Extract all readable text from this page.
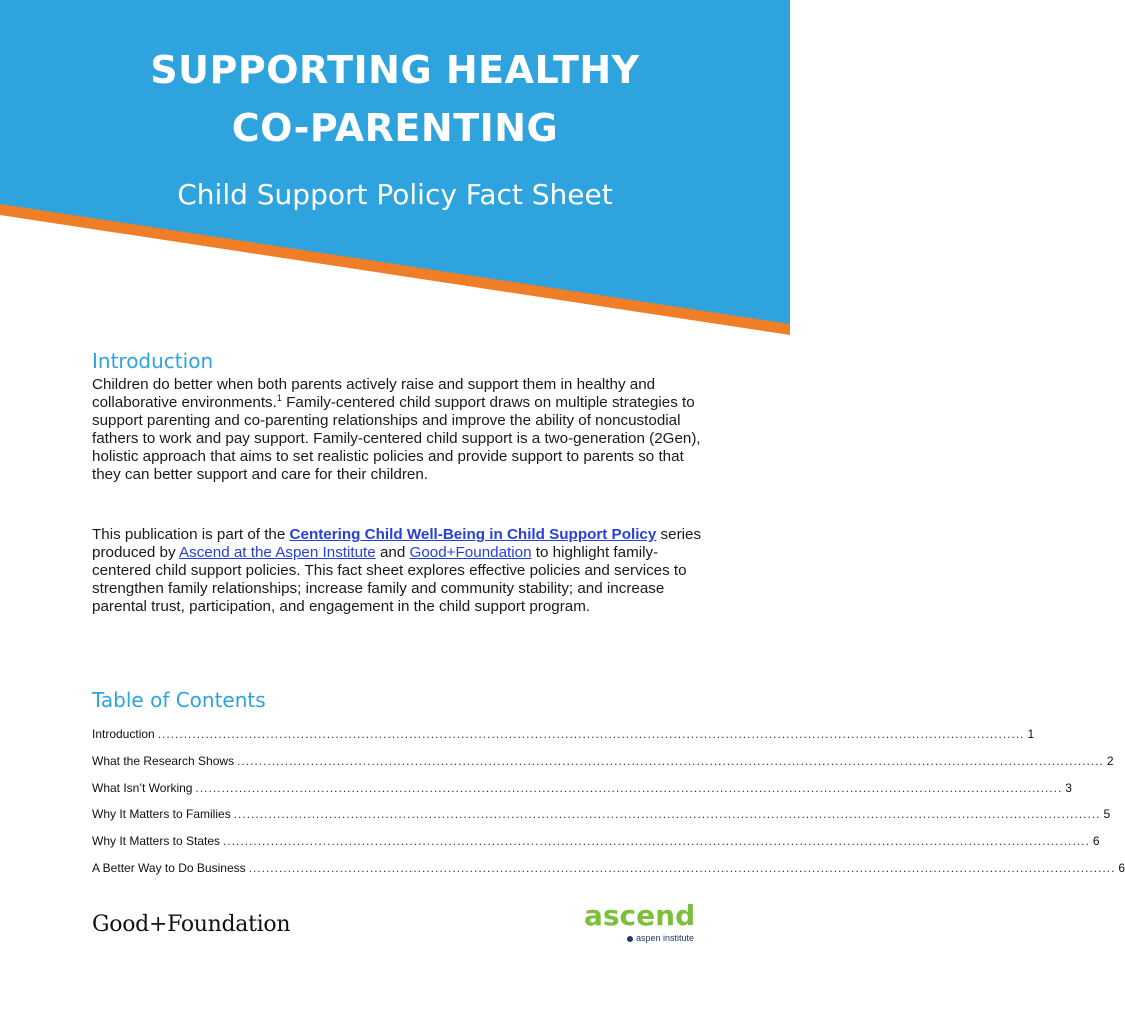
SUPPORTING HEALTHY
CO-PARENTING
Child Support Policy Fact Sheet
Introduction

Children do better when both parents actively raise and support them in healthy and collaborative environments.$^1$ Family-centered child support draws on multiple strategies to support parenting and co-parenting relationships and improve the ability of noncustodial fathers to work and pay support. Family-centered child support is a two-generation (2Gen), holistic approach that aims to set realistic policies and provide support to parents so that they can better support and care for their children.

This publication is part of the Centering Child Well-Being in Child Support Policy series produced by Ascend at the Aspen Institute and Good+Foundation to highlight family-centered child support policies. This fact sheet explores effective policies and services to strengthen family relationships; increase family and community stability; and increase parental trust, participation, and engagement in the child support program.

Table of Contents
Introduction ........................................................................................................................................................................................................ 1
What the Research Shows ........................................................................................................................................................................................................ 2
What Isn’t Working ........................................................................................................................................................................................................ 3
Why It Matters to Families ........................................................................................................................................................................................................ 5
Why It Matters to States ........................................................................................................................................................................................................ 6
A Better Way to Do Business ........................................................................................................................................................................................................ 6
Good+Foundation	ascend
aspen institute
